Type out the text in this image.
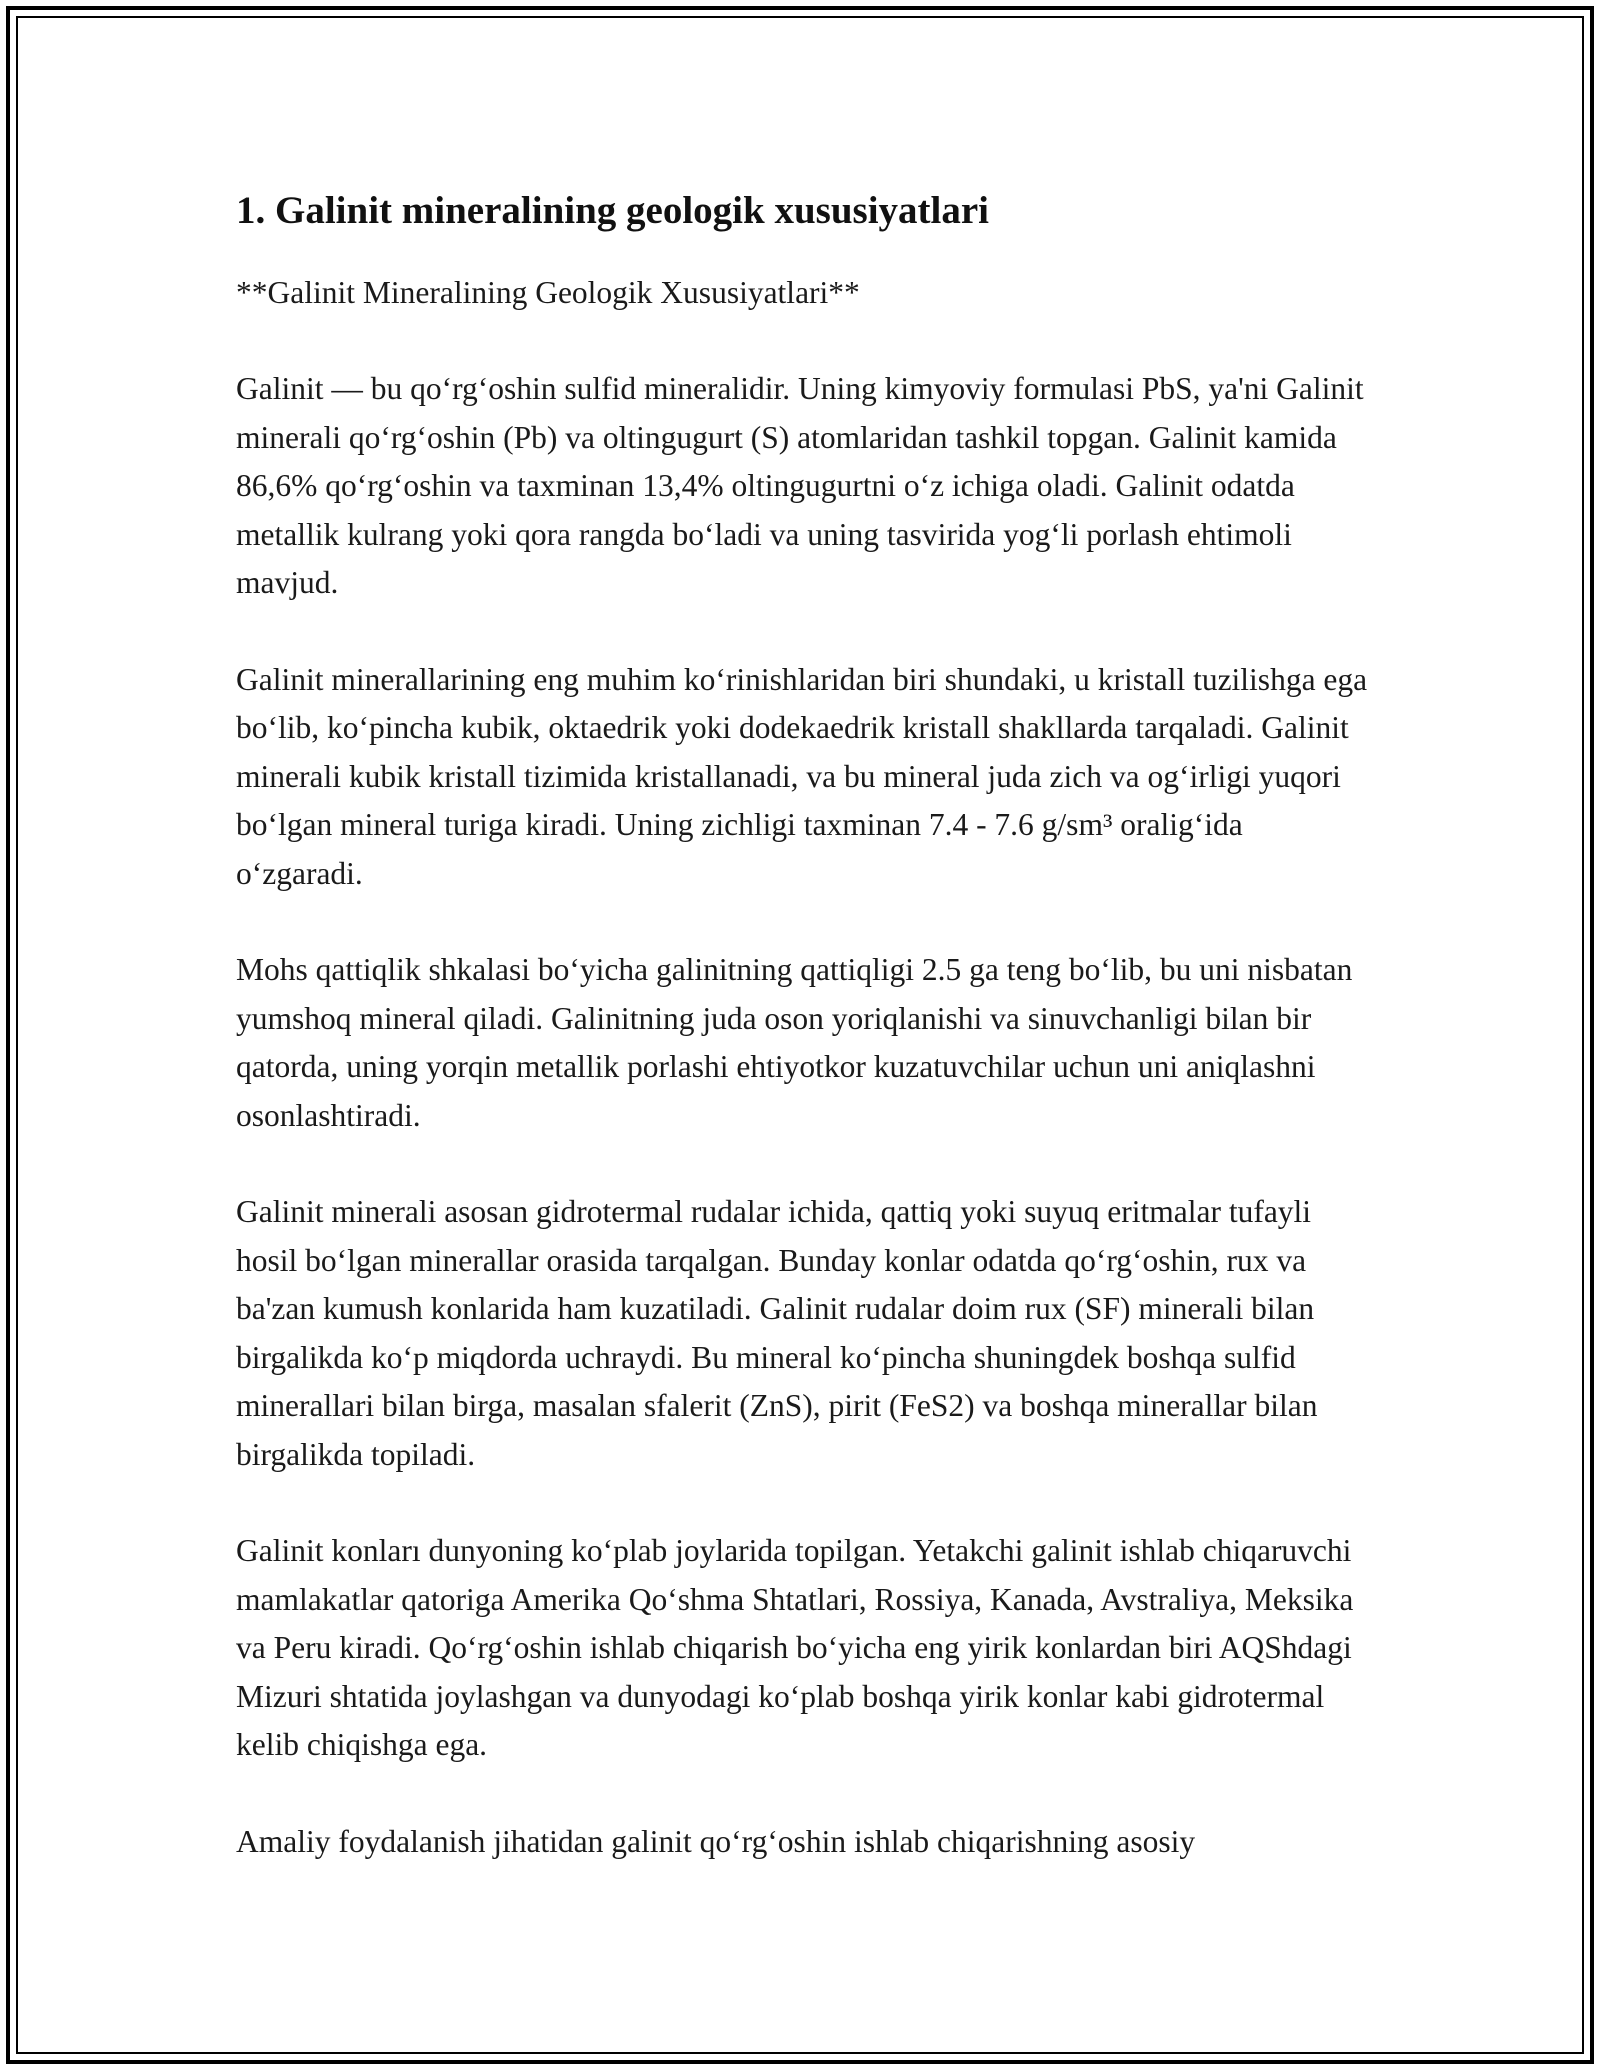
1. Galinit mineralining geologik xususiyatlari

**Galinit Mineralining Geologik Xususiyatlari**

Galinit — bu qo‘rg‘oshin sulfid mineralidir. Uning kimyoviy formulasi PbS, ya'ni Galinit minerali qo‘rg‘oshin (Pb) va oltingugurt (S) atomlaridan tashkil topgan. Galinit kamida 86,6% qo‘rg‘oshin va taxminan 13,4% oltingugurtni o‘z ichiga oladi. Galinit odatda metallik kulrang yoki qora rangda bo‘ladi va uning tasvirida yog‘li porlash ehtimoli mavjud.

Galinit minerallarining eng muhim ko‘rinishlaridan biri shundaki, u kristall tuzilishga ega bo‘lib, ko‘pincha kubik, oktaedrik yoki dodekaedrik kristall shakllarda tarqaladi. Galinit minerali kubik kristall tizimida kristallanadi, va bu mineral juda zich va og‘irligi yuqori bo‘lgan mineral turiga kiradi. Uning zichligi taxminan 7.4 - 7.6 g/sm³ oralig‘ida o‘zgaradi.

Mohs qattiqlik shkalasi bo‘yicha galinitning qattiqligi 2.5 ga teng bo‘lib, bu uni nisbatan yumshoq mineral qiladi. Galinitning juda oson yoriqlanishi va sinuvchanligi bilan bir qatorda, uning yorqin metallik porlashi ehtiyotkor kuzatuvchilar uchun uni aniqlashni osonlashtiradi.

Galinit minerali asosan gidrotermal rudalar ichida, qattiq yoki suyuq eritmalar tufayli hosil bo‘lgan minerallar orasida tarqalgan. Bunday konlar odatda qo‘rg‘oshin, rux va ba'zan kumush konlarida ham kuzatiladi. Galinit rudalar doim rux (SF) minerali bilan birgalikda ko‘p miqdorda uchraydi. Bu mineral ko‘pincha shuningdek boshqa sulfid minerallari bilan birga, masalan sfalerit (ZnS), pirit (FeS2) va boshqa minerallar bilan birgalikda topiladi.

Galinit konları dunyoning ko‘plab joylarida topilgan. Yetakchi galinit ishlab chiqaruvchi mamlakatlar qatoriga Amerika Qo‘shma Shtatlari, Rossiya, Kanada, Avstraliya, Meksika va Peru kiradi. Qo‘rg‘oshin ishlab chiqarish bo‘yicha eng yirik konlardan biri AQShdagi Mizuri shtatida joylashgan va dunyodagi ko‘plab boshqa yirik konlar kabi gidrotermal kelib chiqishga ega.

Amaliy foydalanish jihatidan galinit qo‘rg‘oshin ishlab chiqarishning asosiy
